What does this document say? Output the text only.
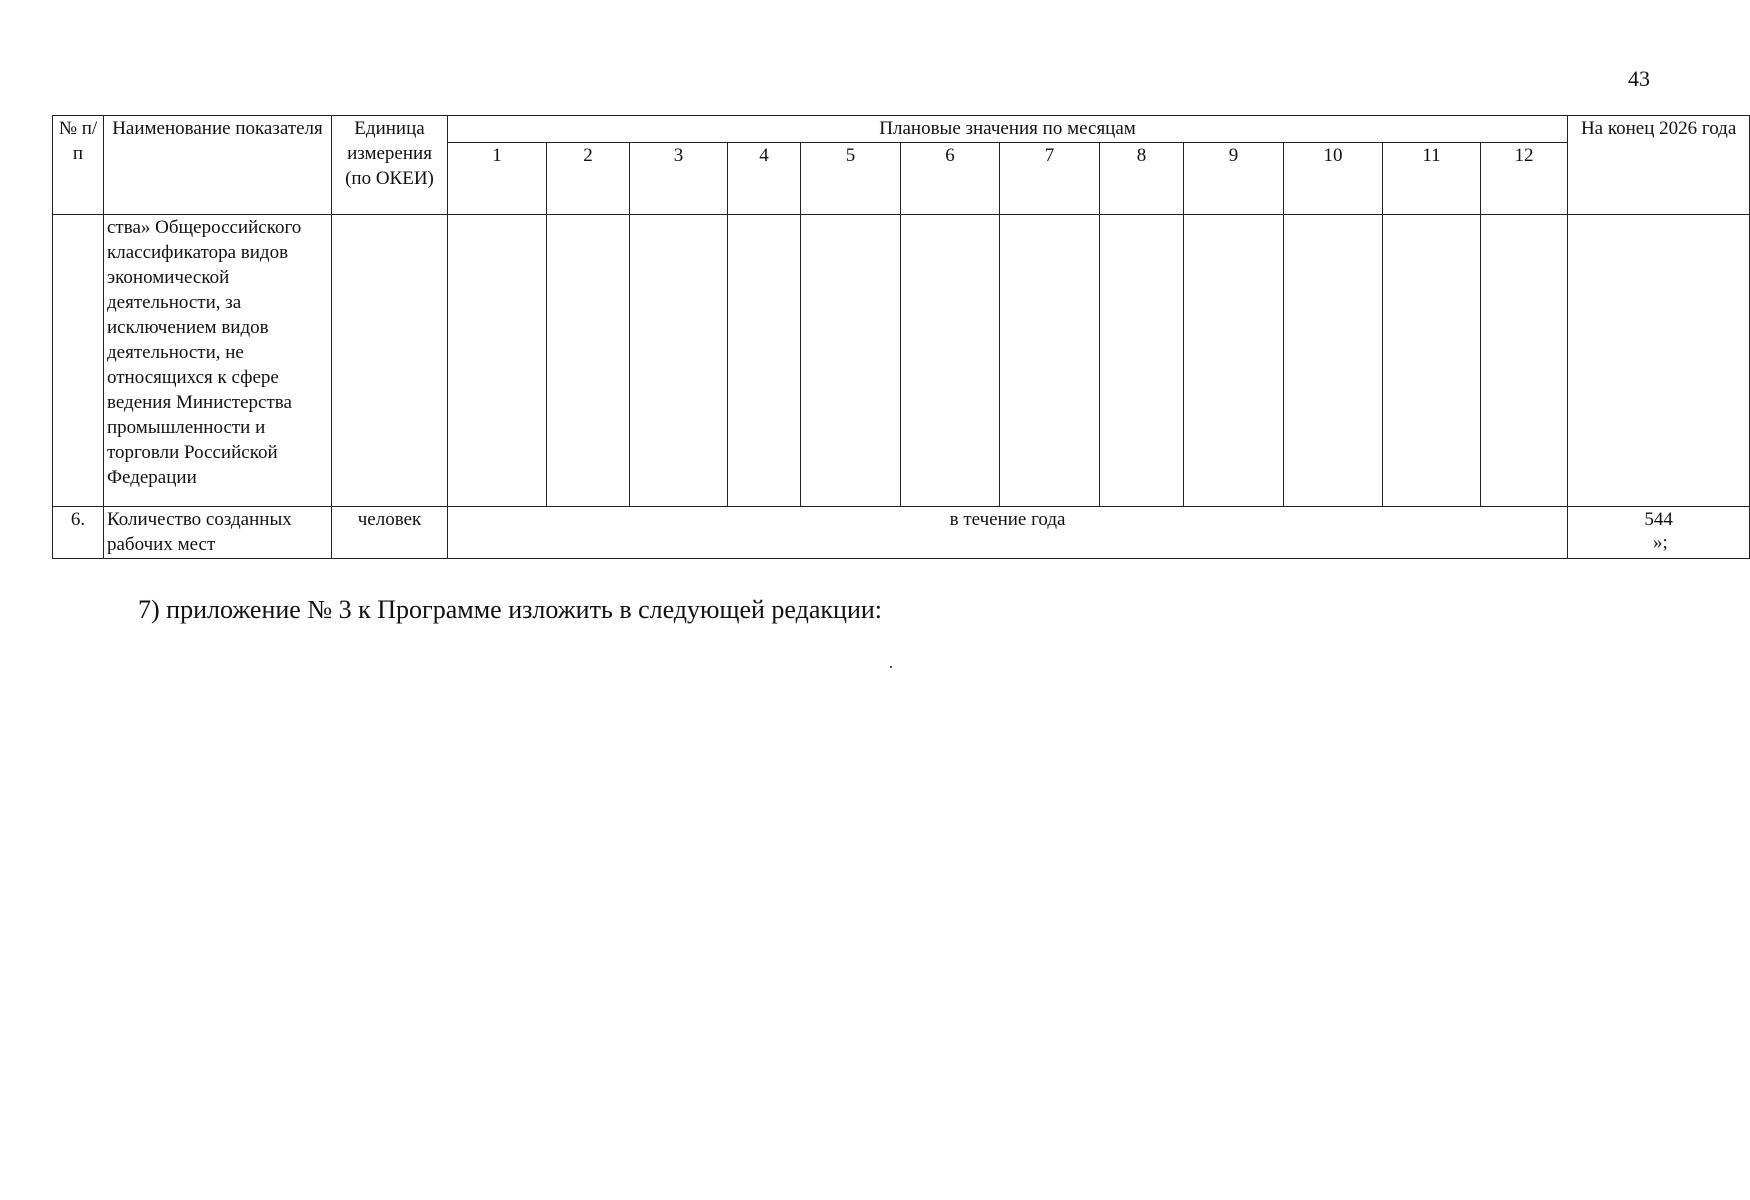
43
№ п/п	Наименование показателя	Единица измерения (по ОКЕИ)	Плановые значения по месяцам												На конец 2026 года
			1	2	3	4	5	6	7	8	9	10	11	12	
	ства» Общероссийского классификатора видов экономической деятельности, за исключением видов деятельности, не относящихся к сфере ведения Министерства промышленности и торговли Российской Федерации														
6.	Количество созданных рабочих мест	человек	в течение года												544
»;
7) приложение № 3 к Программе изложить в следующей редакции:
